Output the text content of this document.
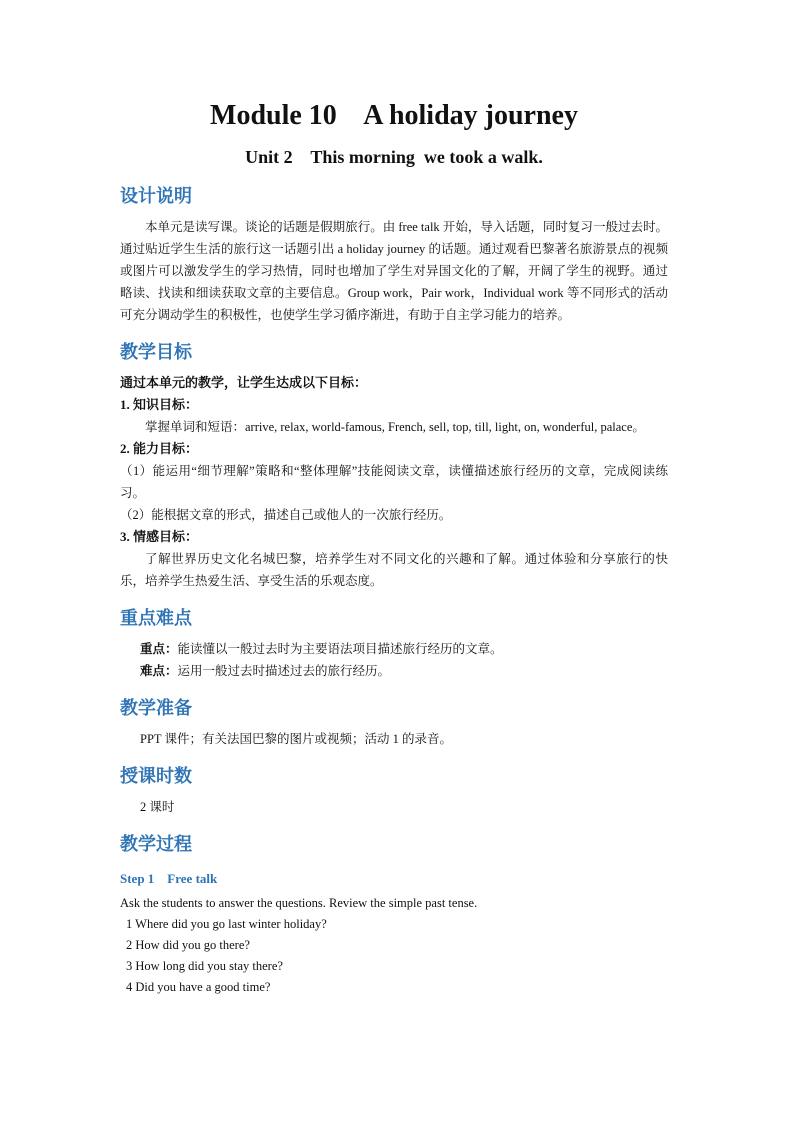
Module 10    A holiday journey
Unit 2    This morning  we took a walk.
设计说明

本单元是读写课。谈论的话题是假期旅行。由 free talk 开始，导入话题，同时复习一般过去时。通过贴近学生生活的旅行这一话题引出 a holiday journey 的话题。通过观看巴黎著名旅游景点的视频或图片可以激发学生的学习热情，同时也增加了学生对异国文化的了解，开阔了学生的视野。通过略读、找读和细读获取文章的主要信息。Group work，Pair work，Individual work 等不同形式的活动可充分调动学生的积极性，也使学生学习循序渐进，有助于自主学习能力的培养。

教学目标

通过本单元的教学，让学生达成以下目标：

1. 知识目标：

掌握单词和短语：arrive, relax, world-famous, French, sell, top, till, light, on, wonderful, palace。

2. 能力目标：

（1）能运用“细节理解”策略和“整体理解”技能阅读文章，读懂描述旅行经历的文章，完成阅读练习。

（2）能根据文章的形式，描述自己或他人的一次旅行经历。

3. 情感目标：

了解世界历史文化名城巴黎，培养学生对不同文化的兴趣和了解。通过体验和分享旅行的快乐，培养学生热爱生活、享受生活的乐观态度。

重点难点

重点：能读懂以一般过去时为主要语法项目描述旅行经历的文章。

难点：运用一般过去时描述过去的旅行经历。

教学准备

PPT 课件；有关法国巴黎的图片或视频；活动 1 的录音。

授课时数

2 课时

教学过程
Step 1    Free talk

Ask the students to answer the questions. Review the simple past tense.

1 Where did you go last winter holiday?

2 How did you go there?

3 How long did you stay there?

4 Did you have a good time?
